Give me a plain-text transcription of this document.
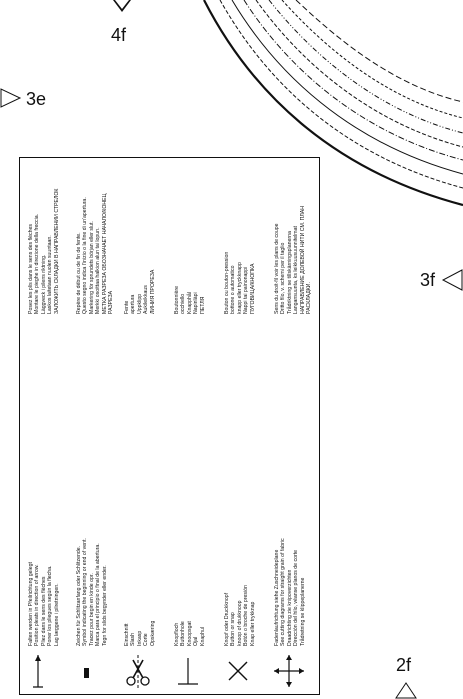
4f
3e
3f
2f
Falten werden in Pfeilrichtung gelegt Position pleats in direction of arrow. Pliez dans le sens des flèches Poner los pliegues según la flecha. Lag læggene i pilretningen.
Posez les plis dans le sens des flèches Montare le pieghe in direzione della freccia. Läggveck i pilens riktning. Laskos laitetaan nuolen suuntaan. ЗАЛОЖИТЬ СКЛАДКИ В НАПРАВЛЕНИИ СТРЕЛОК
Zeichen für Schlitzanfang oder Schlitzende. Symbol indicating the beginning or end of vent. Tracez pour begin en kinde opr. Marca para el principio o final de la abertura. Tegn for slids begynder eller ender.
Repère de début ou de fin de fente. Questo segno indica l'inizio o la fine di un'apertura. Markering för sprundets början eller slut. Merkki osoittaa halkion alun tai lopun. МЕТКА РАЗРЕЗА ОБОЗНАЧАЕТ НАЧАЛО/КОНЕЦ РАЗРЕЗА
Einschnitt Slash Inkasp Corte Opskæring
Fente apertura Uppklipp Aukileikkaus ЛИНИЯ ПРОРЕЗА
Knopfloch Buttonhole Knoopsgat Ojal Knaphul
Boutonnière occhiello Knapphål Napinläpi ПЕТЛЯ
Knopf oder Druckknopf Button or snap knoop of drukknoop Botón o broche de presión Knap eller trykknap
Bouton ou bouton-pression bottone o automatico knapp eller tryckknapp Nappi tai painonappi ПУГОВИЦА/КНОПКА
Fadenlaufrichtung siehe Zuschneideplane See cutting diagrams for straight grain of fabric Draadrichting zie knipoverzichten Dirección del hilo, véanse planos de corte Trådretning se klippeplanerne
Sens du droit-fil voir les plans de coupe Dritto filo, v. schemi per il taglio Trådriktning se tillskärningsplanerna Langansuunta, ks leikkuusuunnitelmat НАПРАВЛЕНИЕ ДОЛЕВОЙ НИТИ СМ. ПЛАН РАСКЛАДКИ.
